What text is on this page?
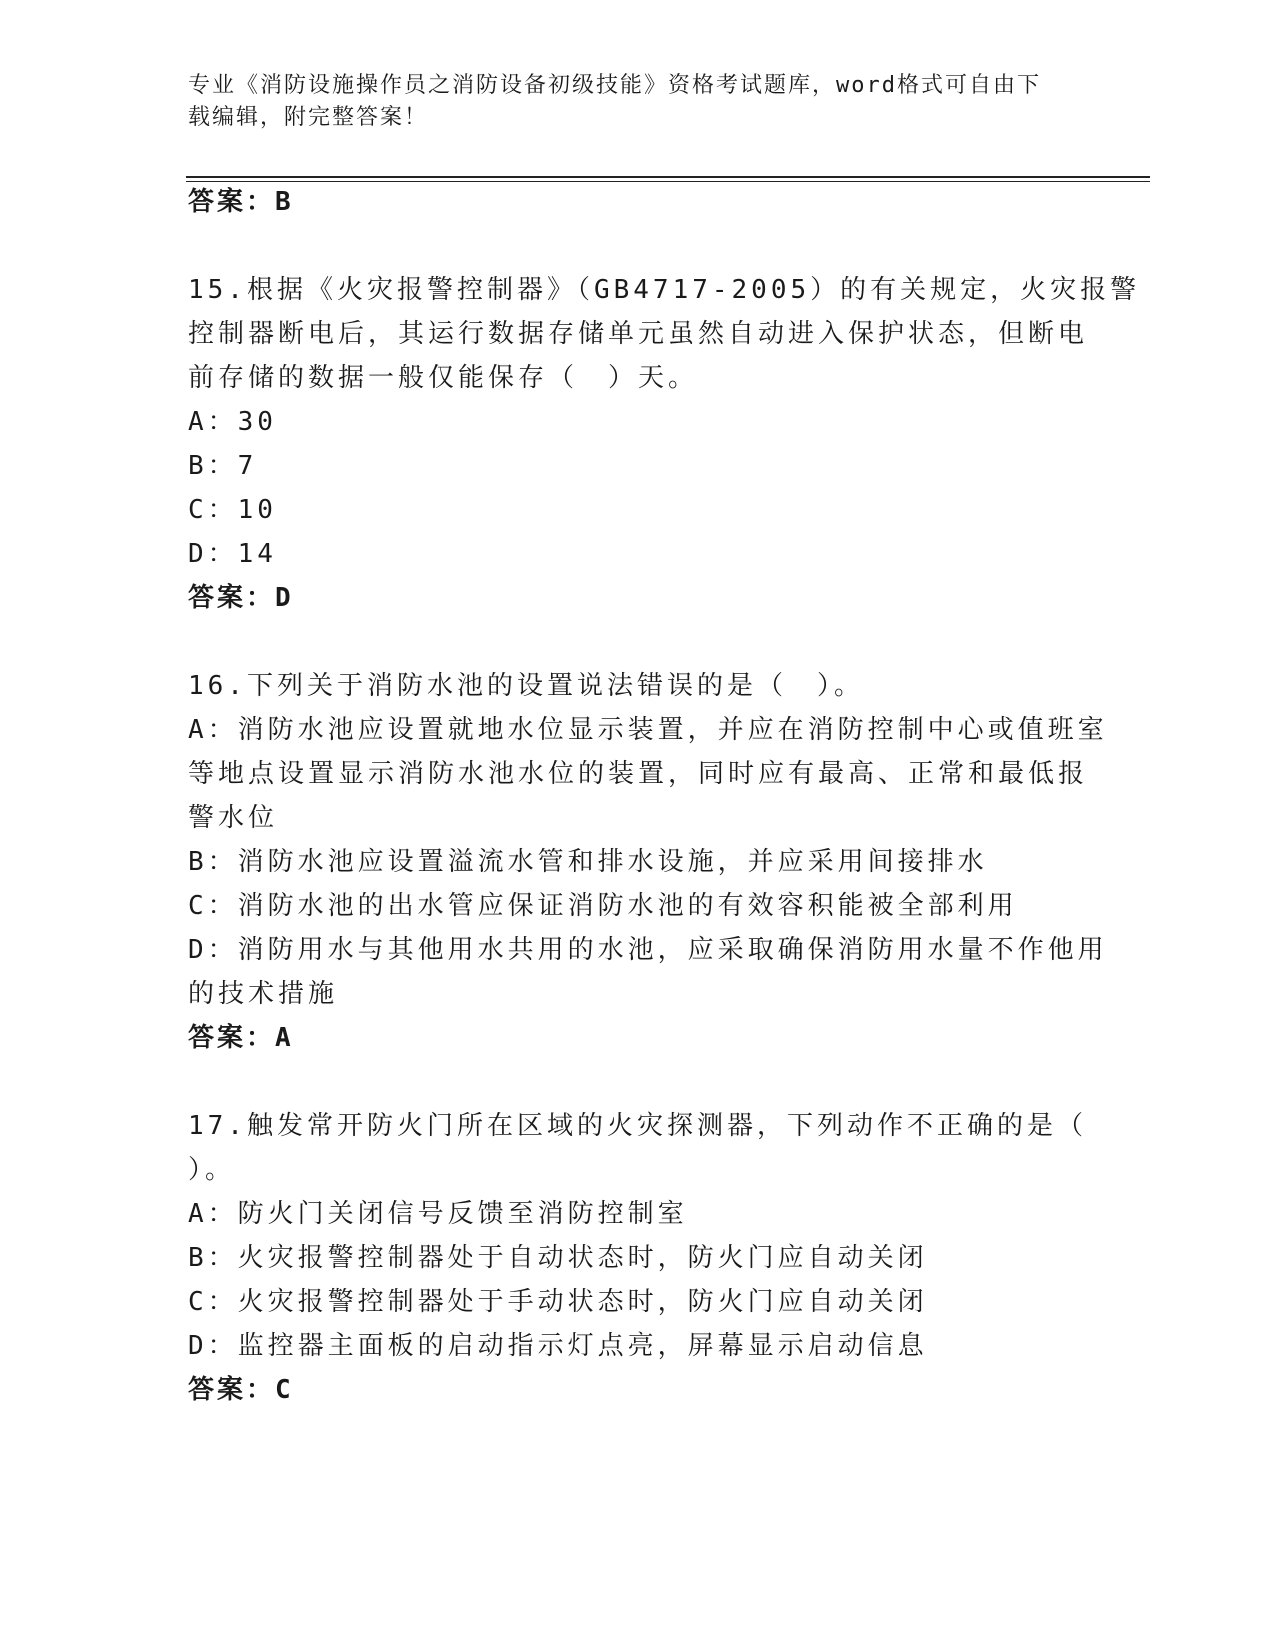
专业《消防设施操作员之消防设备初级技能》资格考试题库，word格式可自由下
载编辑，附完整答案！
答案：B
15.根据《火灾报警控制器》（GB4717-2005）的有关规定，火灾报警
控制器断电后，其运行数据存储单元虽然自动进入保护状态，但断电
前存储的数据一般仅能保存（　）天。
A：30
B：7
C：10
D：14
答案：D
16.下列关于消防水池的设置说法错误的是（　）。
A：消防水池应设置就地水位显示装置，并应在消防控制中心或值班室
等地点设置显示消防水池水位的装置，同时应有最高、正常和最低报
警水位
B：消防水池应设置溢流水管和排水设施，并应采用间接排水
C：消防水池的出水管应保证消防水池的有效容积能被全部利用
D：消防用水与其他用水共用的水池，应采取确保消防用水量不作他用
的技术措施
答案：A
17.触发常开防火门所在区域的火灾探测器，下列动作不正确的是（
）。
A：防火门关闭信号反馈至消防控制室
B：火灾报警控制器处于自动状态时，防火门应自动关闭
C：火灾报警控制器处于手动状态时，防火门应自动关闭
D：监控器主面板的启动指示灯点亮，屏幕显示启动信息
答案：C
